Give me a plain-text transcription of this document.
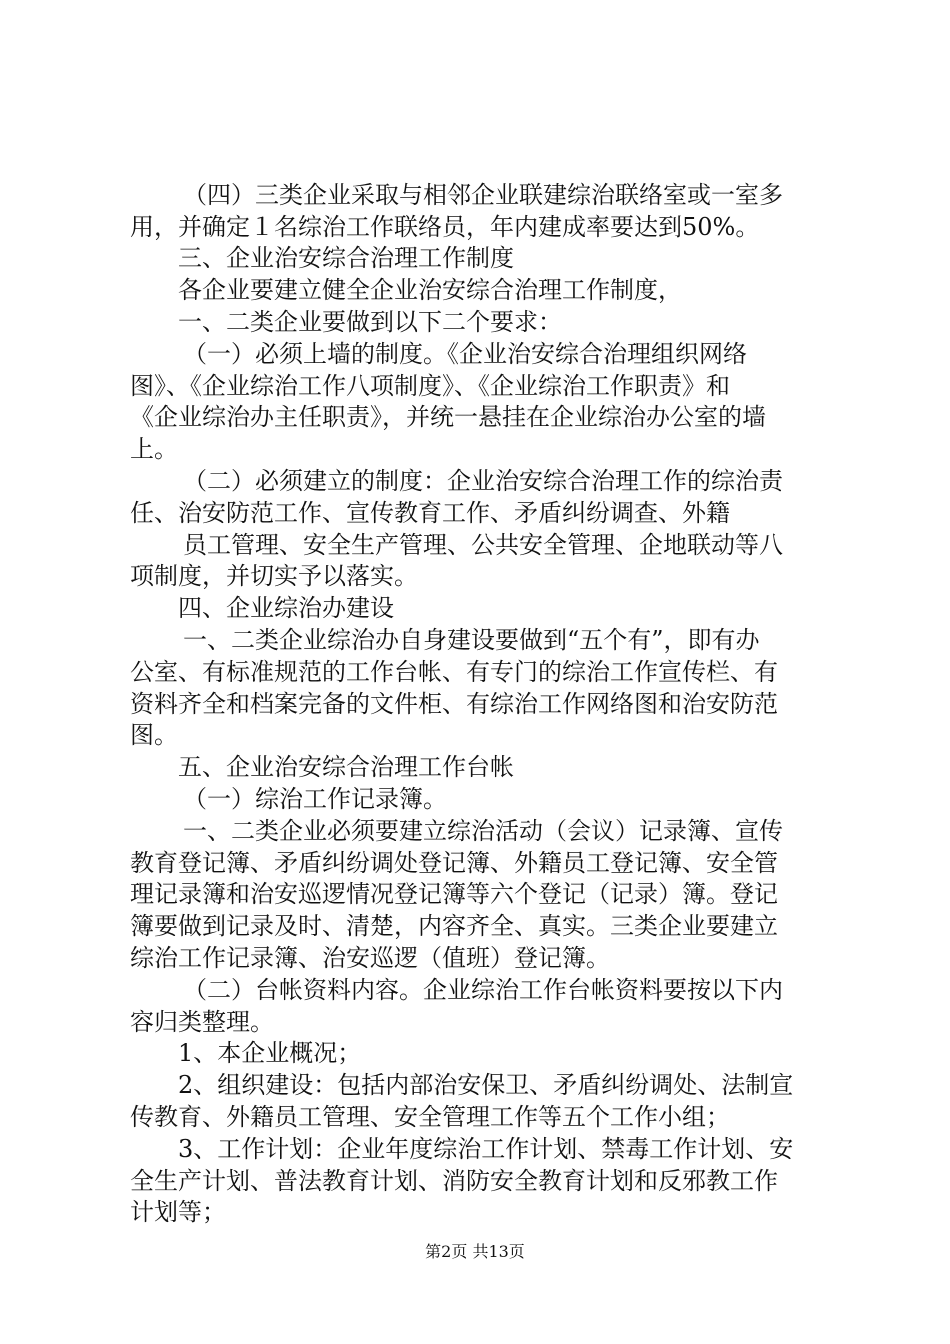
（四）三类企业采取与相邻企业联建综治联络室或一室多
用，并确定１名综治工作联络员，年内建成率要达到50%。
三、企业治安综合治理工作制度
各企业要建立健全企业治安综合治理工作制度，
一、二类企业要做到以下二个要求：
（一）必须上墙的制度。《企业治安综合治理组织网络
图》、《企业综治工作八项制度》、《企业综治工作职责》和
《企业综治办主任职责》，并统一悬挂在企业综治办公室的墙
上。
（二）必须建立的制度：企业治安综合治理工作的综治责
任、治安防范工作、宣传教育工作、矛盾纠纷调查、外籍
员工管理、安全生产管理、公共安全管理、企地联动等八
项制度，并切实予以落实。
四、企业综治办建设
一、二类企业综治办自身建设要做到“五个有”，即有办
公室、有标准规范的工作台帐、有专门的综治工作宣传栏、有
资料齐全和档案完备的文件柜、有综治工作网络图和治安防范
图。
五、企业治安综合治理工作台帐
（一）综治工作记录簿。
一、二类企业必须要建立综治活动（会议）记录簿、宣传
教育登记簿、矛盾纠纷调处登记簿、外籍员工登记簿、安全管
理记录簿和治安巡逻情况登记簿等六个登记（记录）簿。登记
簿要做到记录及时、清楚，内容齐全、真实。三类企业要建立
综治工作记录簿、治安巡逻（值班）登记簿。
（二）台帐资料内容。企业综治工作台帐资料要按以下内
容归类整理。
1、本企业概况；
2、组织建设：包括内部治安保卫、矛盾纠纷调处、法制宣
传教育、外籍员工管理、安全管理工作等五个工作小组；
3、工作计划：企业年度综治工作计划、禁毒工作计划、安
全生产计划、普法教育计划、消防安全教育计划和反邪教工作
计划等；
第2页 共13页
